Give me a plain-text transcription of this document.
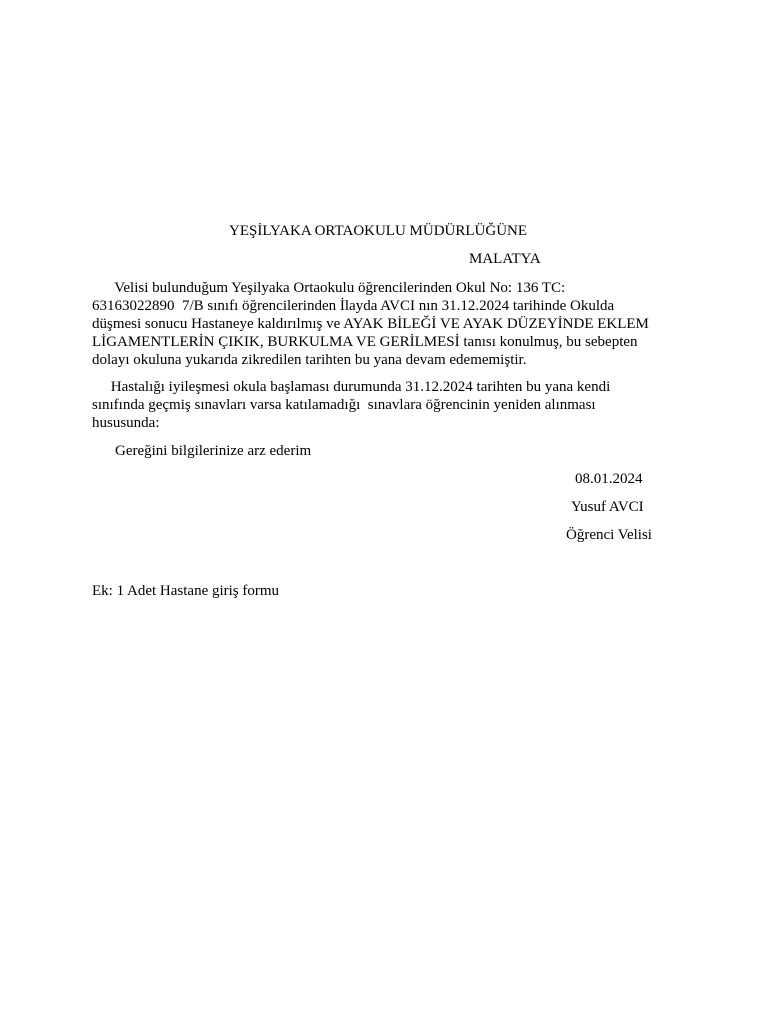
YEŞİLYAKA ORTAOKULU MÜDÜRLÜĞÜNE
MALATYA
Velisi bulunduğum Yeşilyaka Ortaokulu öğrencilerinden Okul No: 136 TC:
63163022890  7/B sınıfı öğrencilerinden İlayda AVCI nın 31.12.2024 tarihinde Okulda
düşmesi sonucu Hastaneye kaldırılmış ve AYAK BİLEĞİ VE AYAK DÜZEYİNDE EKLEM
LİGAMENTLERİN ÇIKIK, BURKULMA VE GERİLMESİ tanısı konulmuş, bu sebepten
dolayı okuluna yukarıda zikredilen tarihten bu yana devam edememiştir.
Hastalığı iyileşmesi okula başlaması durumunda 31.12.2024 tarihten bu yana kendi
sınıfında geçmiş sınavları varsa katılamadığı  sınavlara öğrencinin yeniden alınması
hususunda:
Gereğini bilgilerinize arz ederim
08.01.2024
Yusuf AVCI
Öğrenci Velisi
Ek: 1 Adet Hastane giriş formu
